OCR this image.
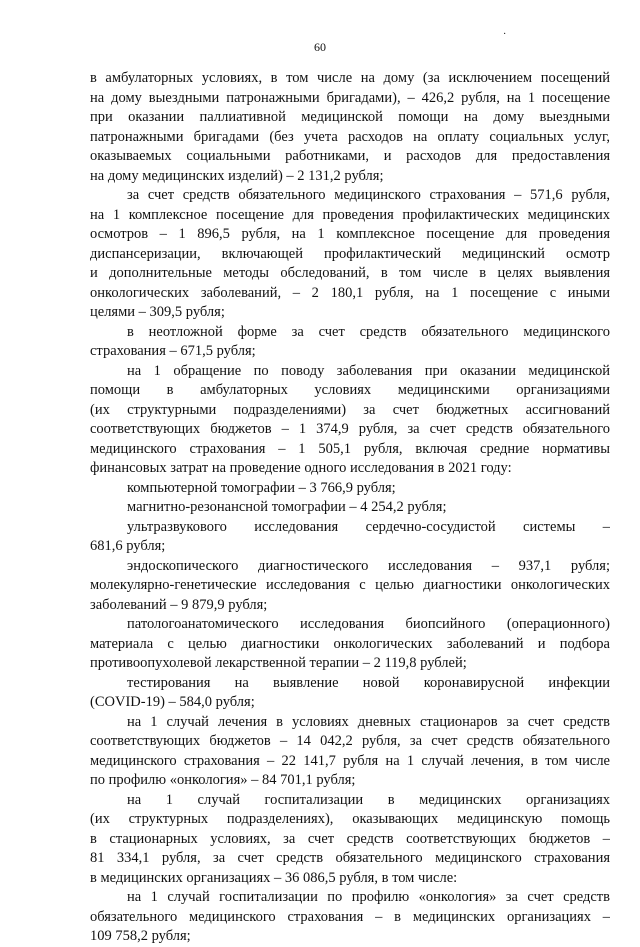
60
·
в амбулаторных условиях, в том числе на дому (за исключением посещений
на дому выездными патронажными бригадами), – 426,2 рубля, на 1 посещение
при оказании паллиативной медицинской помощи на дому выездными
патронажными бригадами (без учета расходов на оплату социальных услуг,
оказываемых социальными работниками, и расходов для предоставления
на дому медицинских изделий) – 2 131,2 рубля;
за счет средств обязательного медицинского страхования – 571,6 рубля,
на 1 комплексное посещение для проведения профилактических медицинских
осмотров – 1 896,5 рубля, на 1 комплексное посещение для проведения
диспансеризации, включающей профилактический медицинский осмотр
и дополнительные методы обследований, в том числе в целях выявления
онкологических заболеваний, – 2 180,1 рубля, на 1 посещение с иными
целями – 309,5 рубля;
в неотложной форме за счет средств обязательного медицинского
страхования – 671,5 рубля;
на 1 обращение по поводу заболевания при оказании медицинской
помощи в амбулаторных условиях медицинскими организациями
(их структурными подразделениями) за счет бюджетных ассигнований
соответствующих бюджетов – 1 374,9 рубля, за счет средств обязательного
медицинского страхования – 1 505,1 рубля, включая средние нормативы
финансовых затрат на проведение одного исследования в 2021 году:
компьютерной томографии – 3 766,9 рубля;
магнитно-резонансной томографии – 4 254,2 рубля;
ультразвукового исследования сердечно-сосудистой системы –
681,6 рубля;
эндоскопического диагностического исследования – 937,1 рубля;
молекулярно-генетические исследования с целью диагностики онкологических
заболеваний – 9 879,9 рубля;
патологоанатомического исследования биопсийного (операционного)
материала с целью диагностики онкологических заболеваний и подбора
противоопухолевой лекарственной терапии – 2 119,8 рублей;
тестирования на выявление новой коронавирусной инфекции
(COVID-19) – 584,0 рубля;
на 1 случай лечения в условиях дневных стационаров за счет средств
соответствующих бюджетов – 14 042,2 рубля, за счет средств обязательного
медицинского страхования – 22 141,7 рубля на 1 случай лечения, в том числе
по профилю «онкология» – 84 701,1 рубля;
на 1 случай госпитализации в медицинских организациях
(их структурных подразделениях), оказывающих медицинскую помощь
в стационарных условиях, за счет средств соответствующих бюджетов –
81 334,1 рубля, за счет средств обязательного медицинского страхования
в медицинских организациях – 36 086,5 рубля, в том числе:
на 1 случай госпитализации по профилю «онкология» за счет средств
обязательного медицинского страхования – в медицинских организациях –
109 758,2 рубля;
